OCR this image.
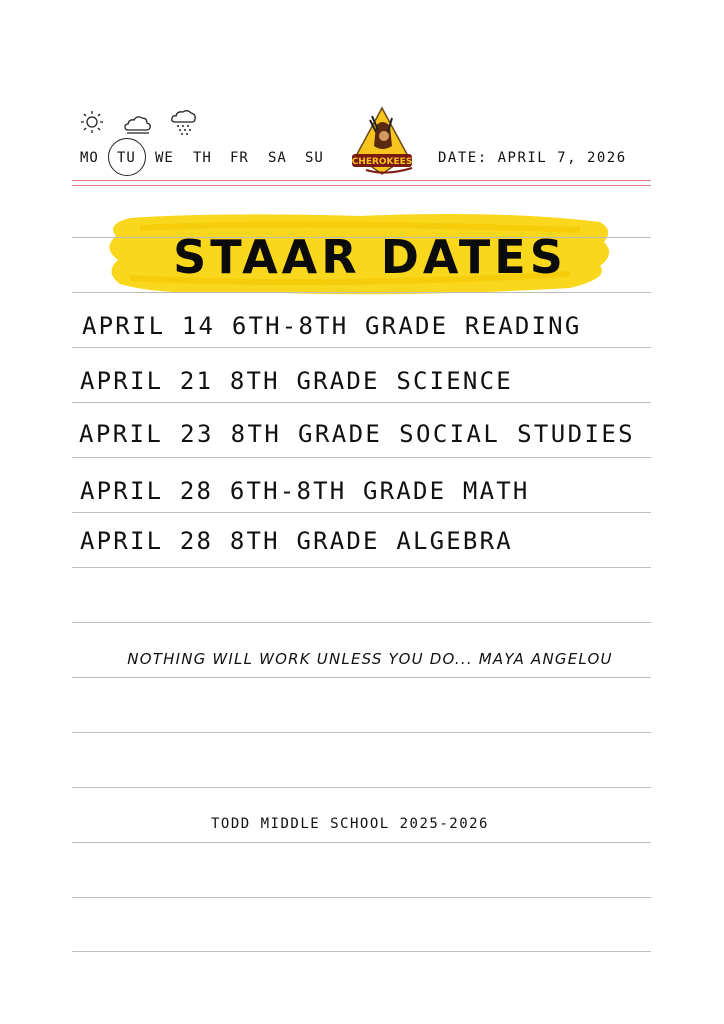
MO TU WE TH FR SA SU	CHEROKEES DATE: APRIL 7, 2026
STAAR DATES
APRIL 14 6TH-8TH GRADE READING
APRIL 21 8TH GRADE SCIENCE
APRIL 23 8TH GRADE SOCIAL STUDIES
APRIL 28 6TH-8TH GRADE MATH
APRIL 28 8TH GRADE ALGEBRA
NOTHING WILL WORK UNLESS YOU DO... MAYA ANGELOU
TODD MIDDLE SCHOOL 2025-2026
